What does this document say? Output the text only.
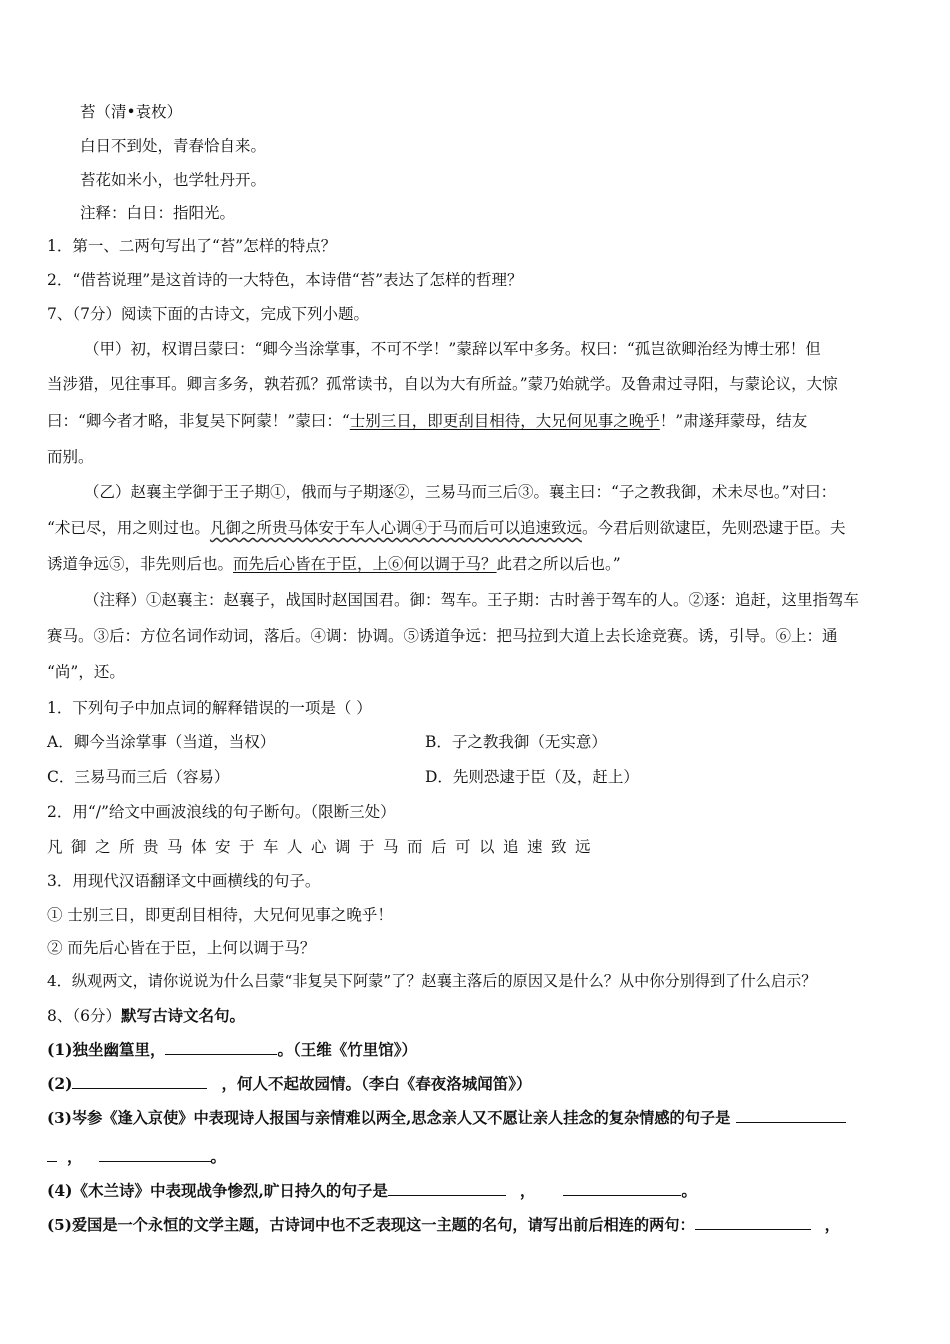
苔（清•袁枚）
白日不到处，青春恰自来。
苔花如米小，也学牡丹开。
注释：白日：指阳光。
1．第一、二两句写出了“苔”怎样的特点？
2．“借苔说理”是这首诗的一大特色，本诗借“苔”表达了怎样的哲理？
7、（7分）阅读下面的古诗文，完成下列小题。
（甲）初，权谓吕蒙曰：“卿今当涂掌事，不可不学！”蒙辞以军中多务。权曰：“孤岂欲卿治经为博士邪！但
当涉猎，见往事耳。卿言多务，孰若孤？孤常读书，自以为大有所益。”蒙乃始就学。及鲁肃过寻阳，与蒙论议，大惊
曰：“卿今者才略，非复吴下阿蒙！”蒙曰：“士别三日，即更刮目相待，大兄何见事之晚乎！”肃遂拜蒙母，结友
而别。
（乙）赵襄主学御于王子期①，俄而与子期逐②，三易马而三后③。襄主曰：“子之教我御，术未尽也。”对曰：
“术已尽，用之则过也。凡御之所贵马体安于车人心调④于马而后可以追速致远。今君后则欲逮臣，先则恐逮于臣。夫
诱道争远⑤，非先则后也。而先后心皆在于臣，上⑥何以调于马？此君之所以后也。”
（注释）①赵襄主：赵襄子，战国时赵国国君。御：驾车。王子期：古时善于驾车的人。②逐：追赶，这里指驾车
赛马。③后：方位名词作动词，落后。④调：协调。⑤诱道争远：把马拉到大道上去长途竞赛。诱，引导。⑥上：通
“尚”，还。
1．下列句子中加点词的解释错误的一项是（ ）
A．卿今当涂掌事（当道，当权）	B．子之教我御（无实意）
C．三易马而三后（容易）	D．先则恐逮于臣（及，赶上）
2．用“/”给文中画波浪线的句子断句。（限断三处）
凡御之所贵马体安于车人心调于马而后可以追速致远
3．用现代汉语翻译文中画横线的句子。
① 士别三日，即更刮目相待，大兄何见事之晚乎！
② 而先后心皆在于臣，上何以调于马？
4．纵观两文，请你说说为什么吕蒙“非复吴下阿蒙”了？赵襄主落后的原因又是什么？从中你分别得到了什么启示？
8、（6分）默写古诗文名句。
(1)独坐幽篁里，	。（王维《竹里馆》）
(2)	，何人不起故园情。（李白《春夜洛城闻笛》）
(3)岑参《逢入京使》中表现诗人报国与亲情难以两全,思念亲人又不愿让亲人挂念的复杂情感的句子是
，	。
(4)《木兰诗》中表现战争惨烈,旷日持久的句子是	，	。
(5)爱国是一个永恒的文学主题，古诗词中也不乏表现这一主题的名句，请写出前后相连的两句：	，
